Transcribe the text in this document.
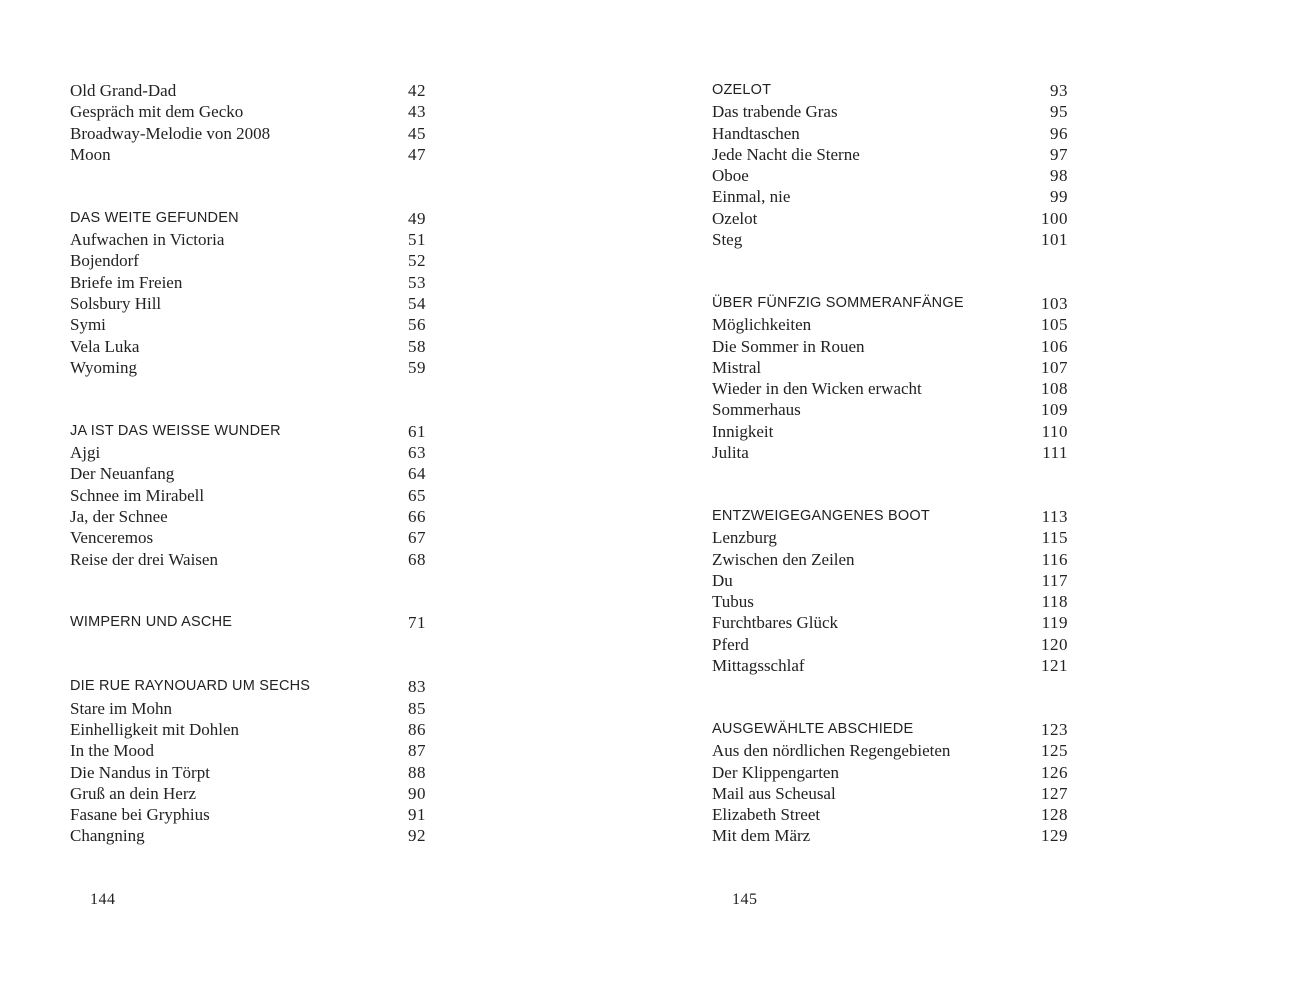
Old Grand-Dad	42
Gespräch mit dem Gecko	43
Broadway-Melodie von 2008	45
Moon	47
DAS WEITE GEFUNDEN	49
Aufwachen in Victoria	51
Bojendorf	52
Briefe im Freien	53
Solsbury Hill	54
Symi	56
Vela Luka	58
Wyoming	59
JA IST DAS WEISSE WUNDER	61
Ajgi	63
Der Neuanfang	64
Schnee im Mirabell	65
Ja, der Schnee	66
Venceremos	67
Reise der drei Waisen	68
WIMPERN UND ASCHE	71
DIE RUE RAYNOUARD UM SECHS	83
Stare im Mohn	85
Einhelligkeit mit Dohlen	86
In the Mood	87
Die Nandus in Törpt	88
Gruß an dein Herz	90
Fasane bei Gryphius	91
Changning	92
OZELOT	93
Das trabende Gras	95
Handtaschen	96
Jede Nacht die Sterne	97
Oboe	98
Einmal, nie	99
Ozelot	100
Steg	101
ÜBER FÜNFZIG SOMMERANFÄNGE	103
Möglichkeiten	105
Die Sommer in Rouen	106
Mistral	107
Wieder in den Wicken erwacht	108
Sommerhaus	109
Innigkeit	110
Julita	111
ENTZWEIGEGANGENES BOOT	113
Lenzburg	115
Zwischen den Zeilen	116
Du	117
Tubus	118
Furchtbares Glück	119
Pferd	120
Mittagsschlaf	121
AUSGEWÄHLTE ABSCHIEDE	123
Aus den nördlichen Regengebieten	125
Der Klippengarten	126
Mail aus Scheusal	127
Elizabeth Street	128
Mit dem März	129
144	145
